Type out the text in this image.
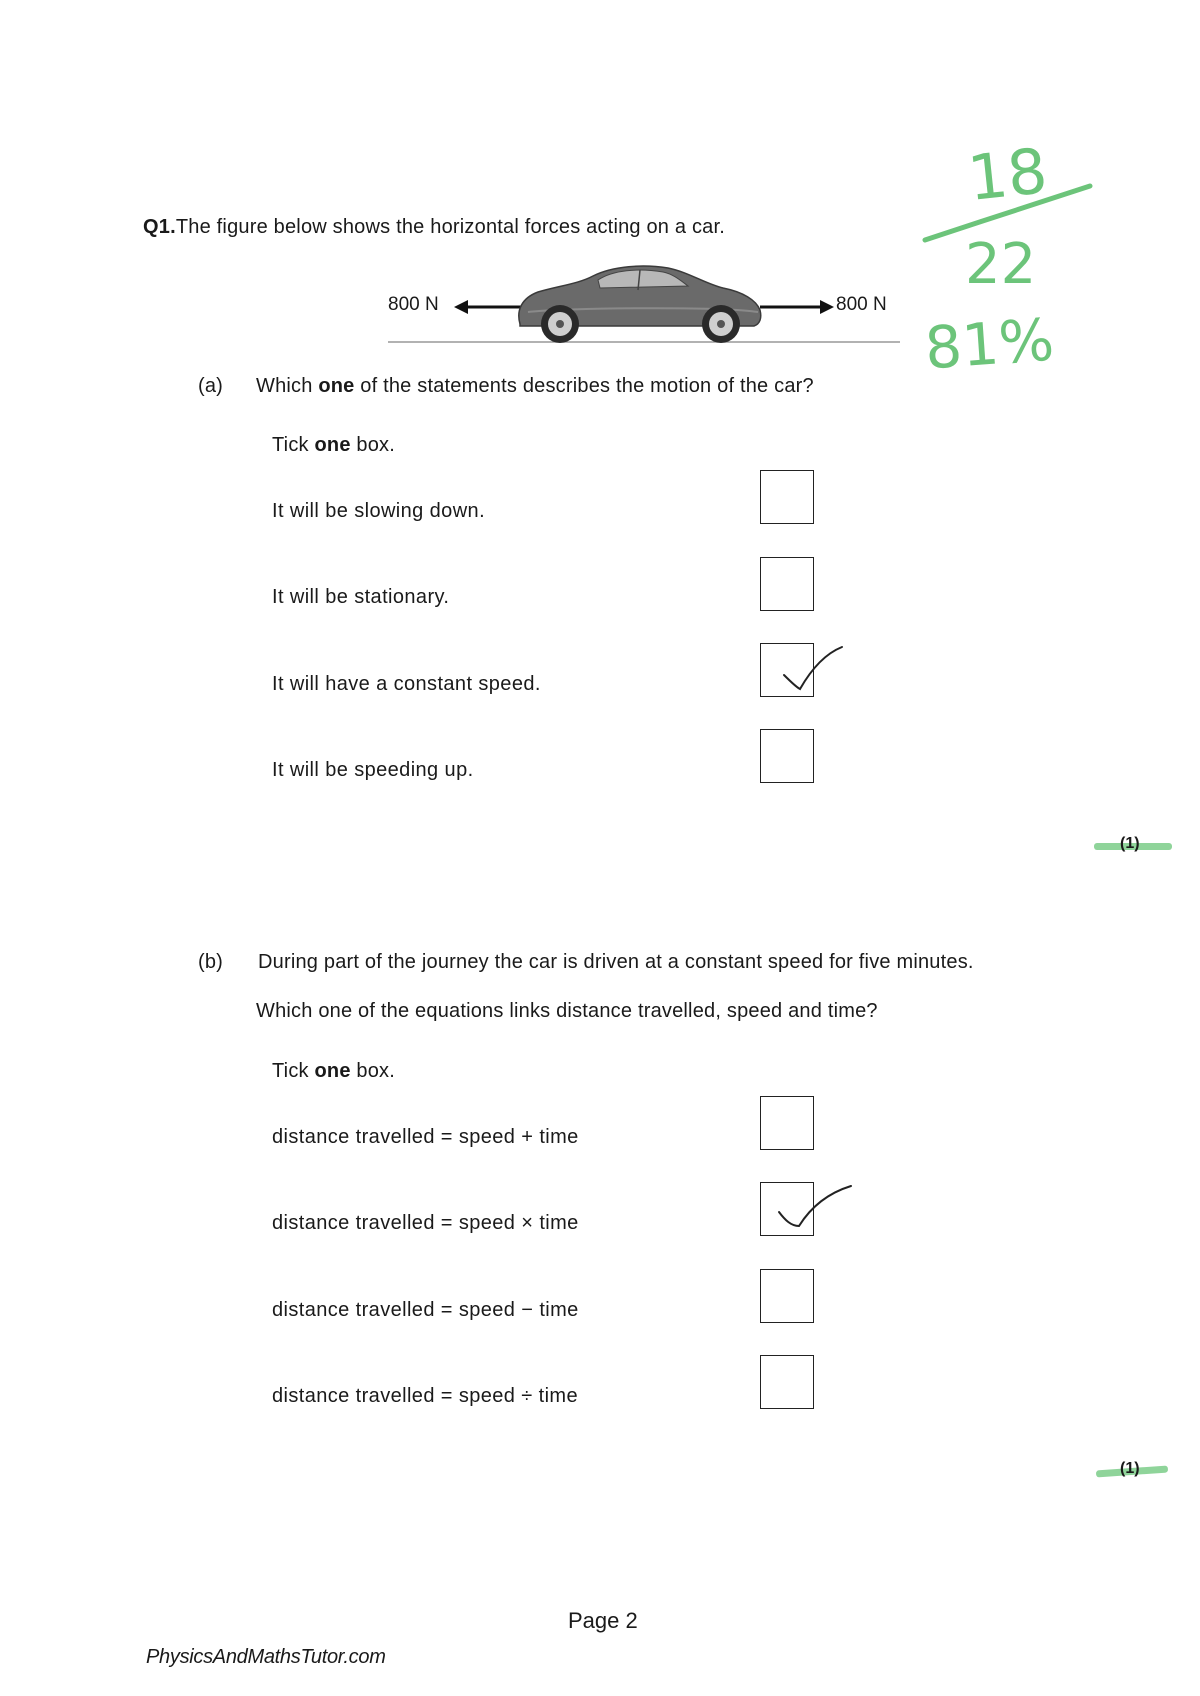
Q1.The figure below shows the horizontal forces acting on a car.
800 N	800 N
18
22
81%
(a) Which one of the statements describes the motion of the car?
Tick one box.
It will be slowing down.
It will be stationary.
It will have a constant speed.
It will be speeding up.
(1)
(b) During part of the journey the car is driven at a constant speed for five minutes.
Which one of the equations links distance travelled, speed and time?
Tick one box.
distance travelled = speed + time
distance travelled = speed × time
distance travelled = speed − time
distance travelled = speed ÷ time
(1)
Page 2
PhysicsAndMathsTutor.com
